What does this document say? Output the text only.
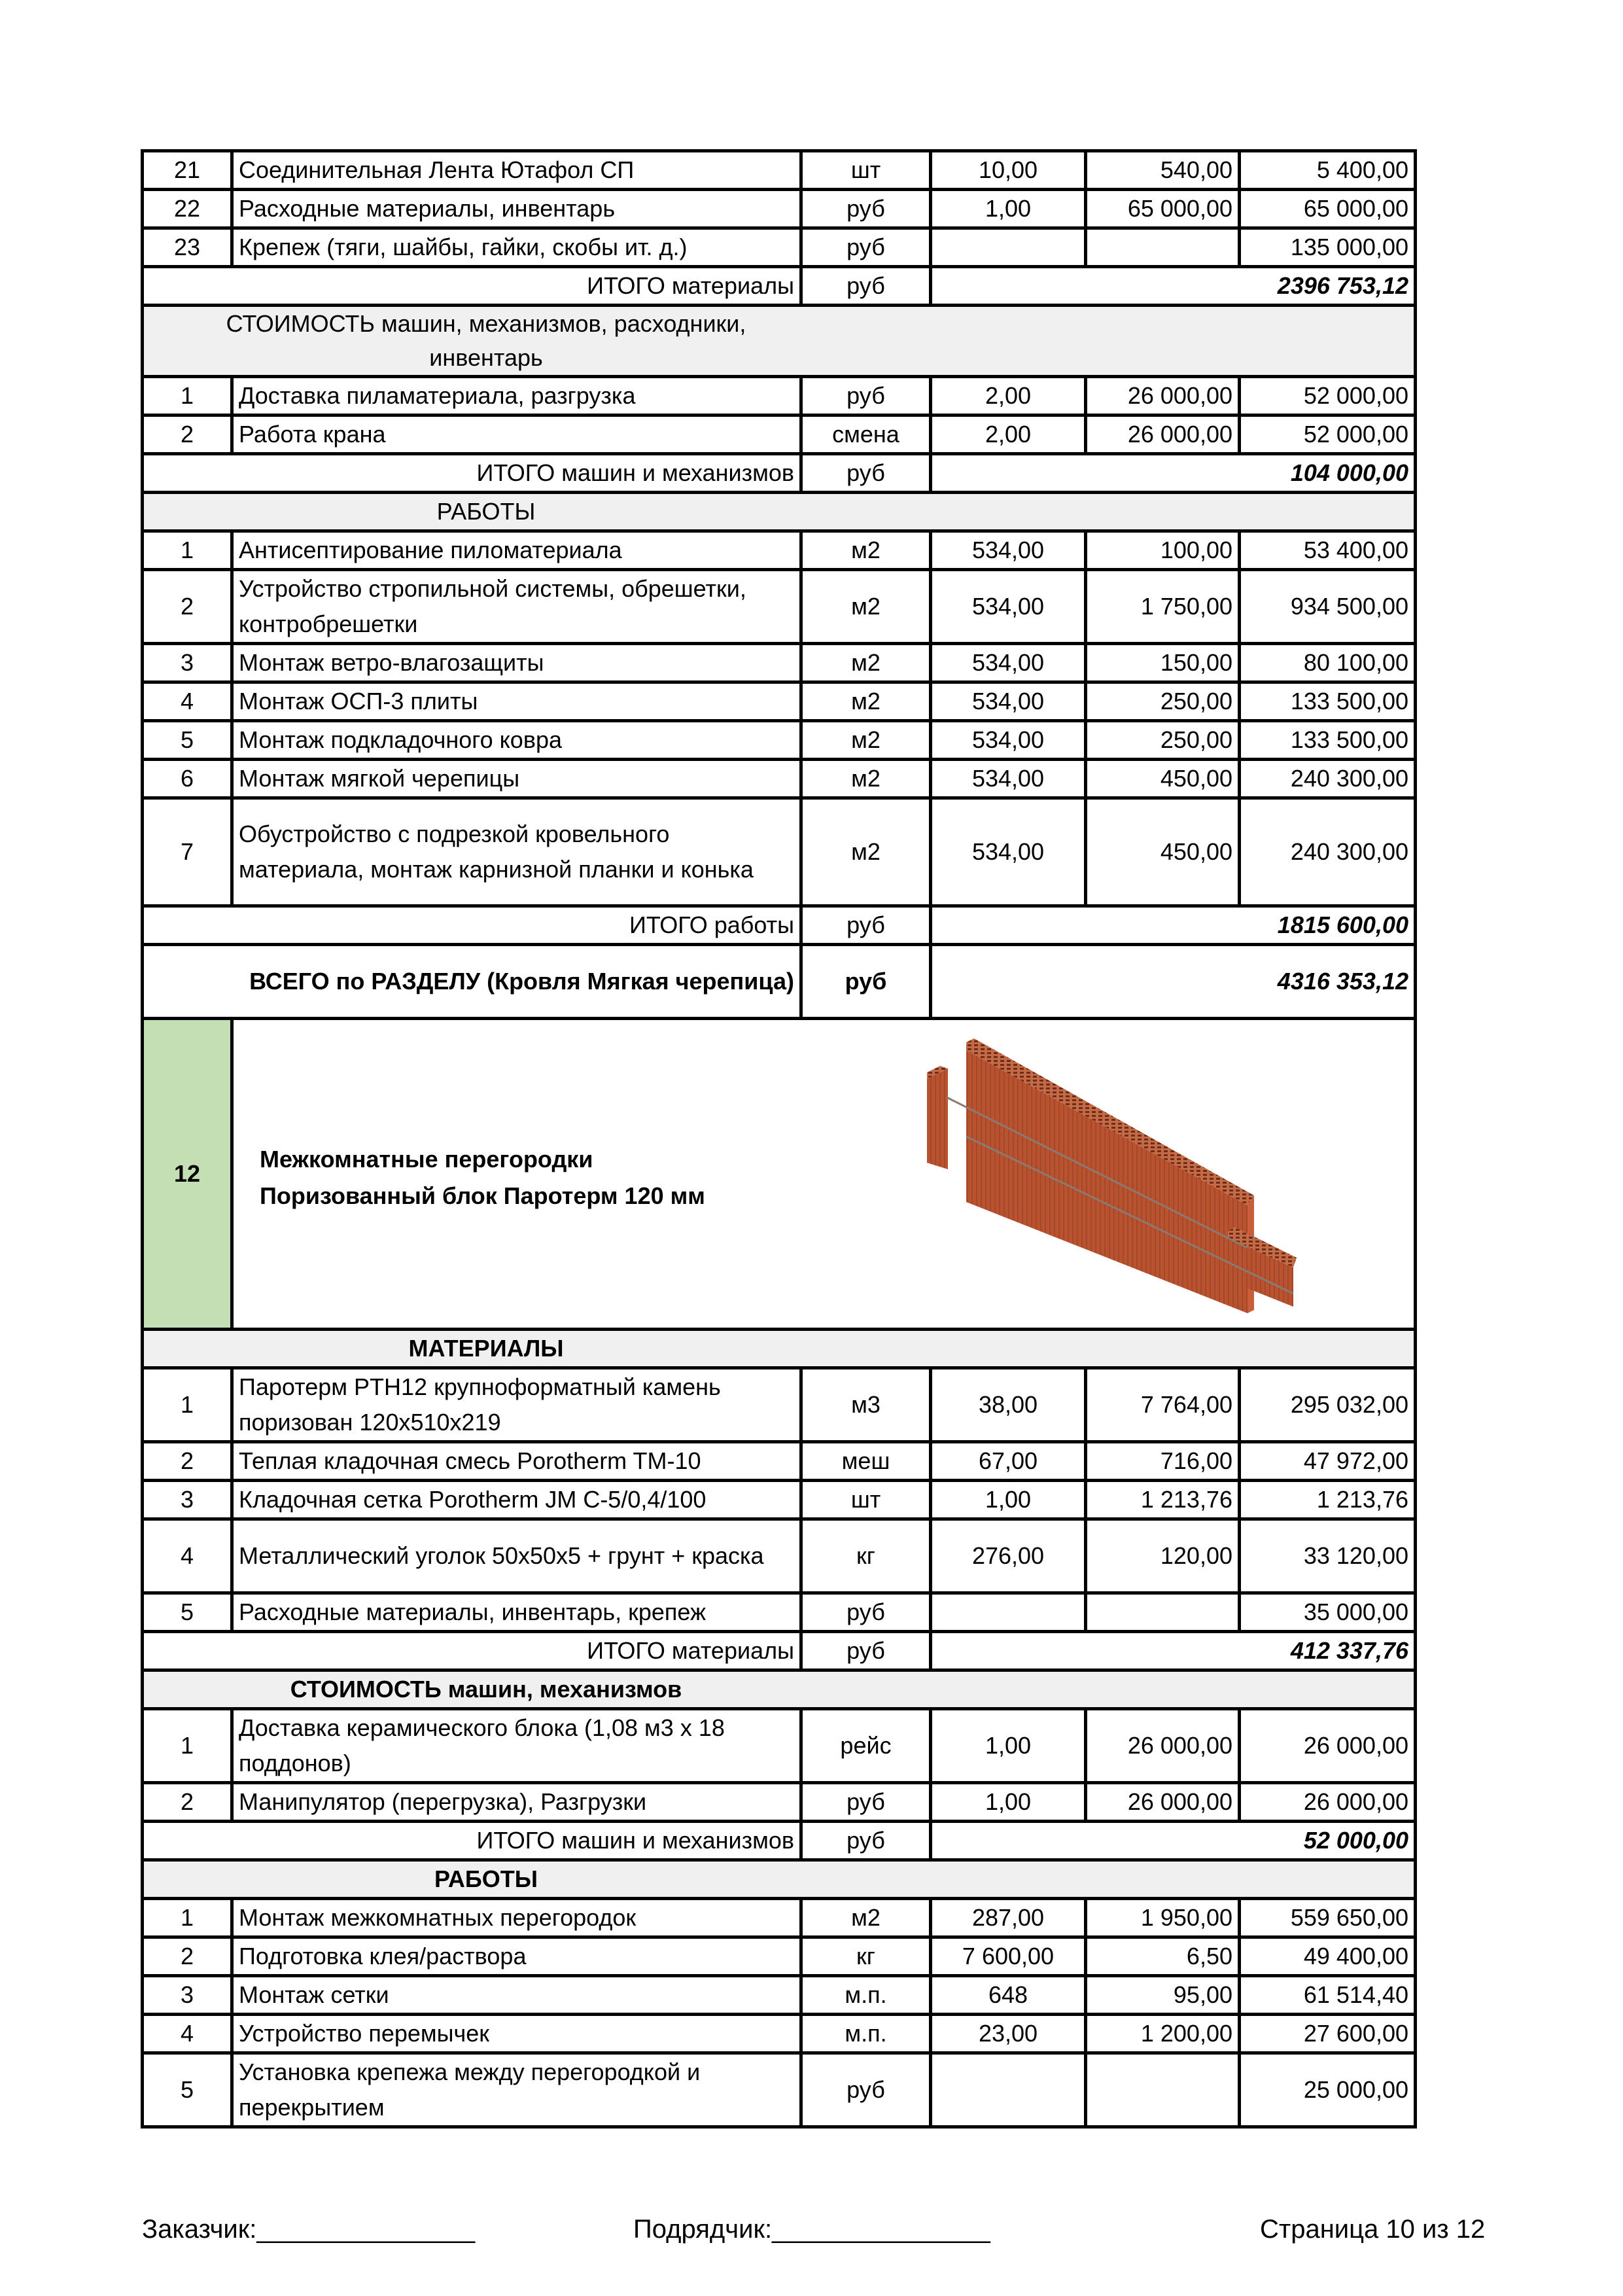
21	Соединительная Лента Ютафол СП	шт	10,00	540,00	5 400,00
22	Расходные материалы, инвентарь	руб	1,00	65 000,00	65 000,00
23	Крепеж (тяги, шайбы, гайки, скобы ит. д.)	руб			135 000,00
ИТОГО материалы		руб	2396 753,12		

СТОИМОСТЬ машин, механизмов, расходники, инвентарь					

1	Доставка пиламатериала, разгрузка	руб	2,00	26 000,00	52 000,00
2	Работа крана	смена	2,00	26 000,00	52 000,00
ИТОГО машин и механизмов		руб	104 000,00		

РАБОТЫ					

1	Антисептирование пиломатериала	м2	534,00	100,00	53 400,00
2	Устройство стропильной системы, обрешетки, контробрешетки	м2	534,00	1 750,00	934 500,00
3	Монтаж ветро-влагозащиты	м2	534,00	150,00	80 100,00
4	Монтаж ОСП-3 плиты	м2	534,00	250,00	133 500,00
5	Монтаж подкладочного ковра	м2	534,00	250,00	133 500,00
6	Монтаж мягкой черепицы	м2	534,00	450,00	240 300,00
7	Обустройство с подрезкой кровельного материала, монтаж карнизной планки и конька	м2	534,00	450,00	240 300,00
ИТОГО работы		руб	1815 600,00		
ВСЕГО по РАЗДЕЛУ (Кровля Мягкая черепица)		руб	4316 353,12		
12	Межкомнатные перегородки
Поризованный блок Паротерм 120 мм				

МАТЕРИАЛЫ					

1	Паротерм PTH12 крупноформатный камень поризован 120х510х219	м3	38,00	7 764,00	295 032,00
2	Теплая кладочная смесь Porotherm TM-10	меш	67,00	716,00	47 972,00
3	Кладочная сетка Porotherm JM C-5/0,4/100	шт	1,00	1 213,76	1 213,76
4	Металлический уголок 50х50х5 + грунт + краска	кг	276,00	120,00	33 120,00
5	Расходные материалы, инвентарь, крепеж	руб			35 000,00
ИТОГО материалы		руб	412 337,76		

СТОИМОСТЬ машин, механизмов					

1	Доставка керамического блока (1,08 м3 х 18 поддонов)	рейс	1,00	26 000,00	26 000,00
2	Манипулятор (перегрузка), Разгрузки	руб	1,00	26 000,00	26 000,00
ИТОГО машин и механизмов		руб	52 000,00		

РАБОТЫ					

1	Монтаж межкомнатных перегородок	м2	287,00	1 950,00	559 650,00
2	Подготовка клея/раствора	кг	7 600,00	6,50	49 400,00
3	Монтаж сетки	м.п.	648	95,00	61 514,40
4	Устройство перемычек	м.п.	23,00	1 200,00	27 600,00
5	Установка крепежа между перегородкой и перекрытием	руб			25 000,00
Заказчик:_______________	Подрядчик:_______________	Страница 10 из 12
